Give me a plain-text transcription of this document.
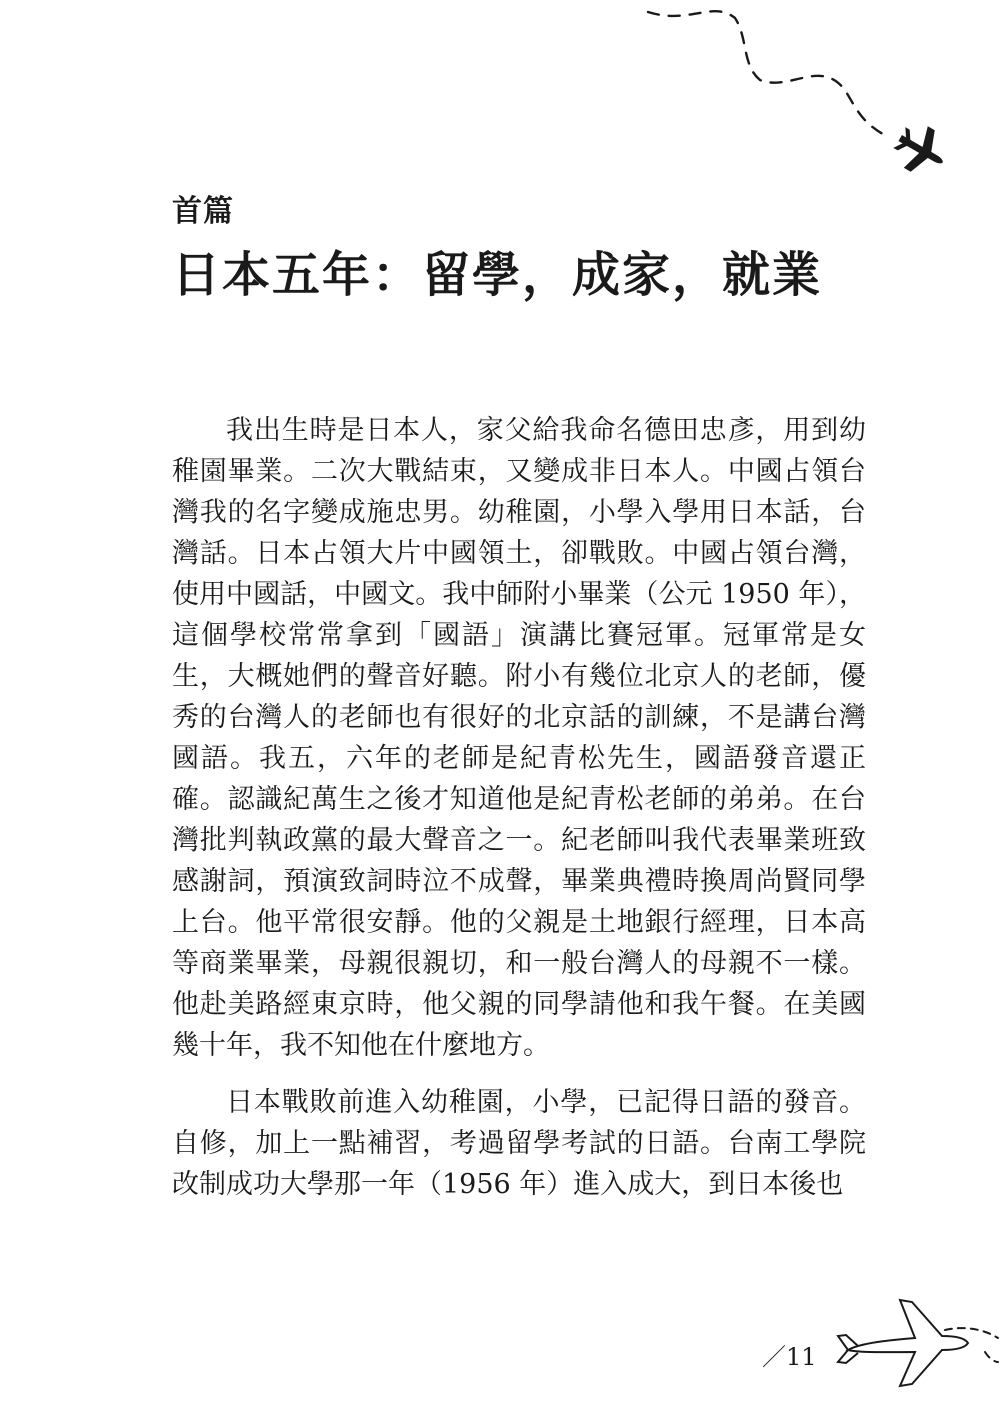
首篇
日本五年：留學，成家，就業

我出生時是日本人，家父給我命名德田忠彥，用到幼稚園畢業。二次大戰結束，又變成非日本人。中國占領台灣我的名字變成施忠男。幼稚園，小學入學用日本話，台灣話。日本占領大片中國領土，卻戰敗。中國占領台灣，使用中國話，中國文。我中師附小畢業（公元 1950 年），這個學校常常拿到「國語」演講比賽冠軍。冠軍常是女生，大概她們的聲音好聽。附小有幾位北京人的老師，優秀的台灣人的老師也有很好的北京話的訓練，不是講台灣國語。我五，六年的老師是紀青松先生，國語發音還正確。認識紀萬生之後才知道他是紀青松老師的弟弟。在台灣批判執政黨的最大聲音之一。紀老師叫我代表畢業班致感謝詞，預演致詞時泣不成聲，畢業典禮時換周尚賢同學上台。他平常很安靜。他的父親是土地銀行經理，日本高等商業畢業，母親很親切，和一般台灣人的母親不一樣。他赴美路經東京時，他父親的同學請他和我午餐。在美國幾十年，我不知他在什麼地方。

日本戰敗前進入幼稚園，小學，已記得日語的發音。自修，加上一點補習，考過留學考試的日語。台南工學院改制成功大學那一年（1956 年）進入成大，到日本後也

／11
